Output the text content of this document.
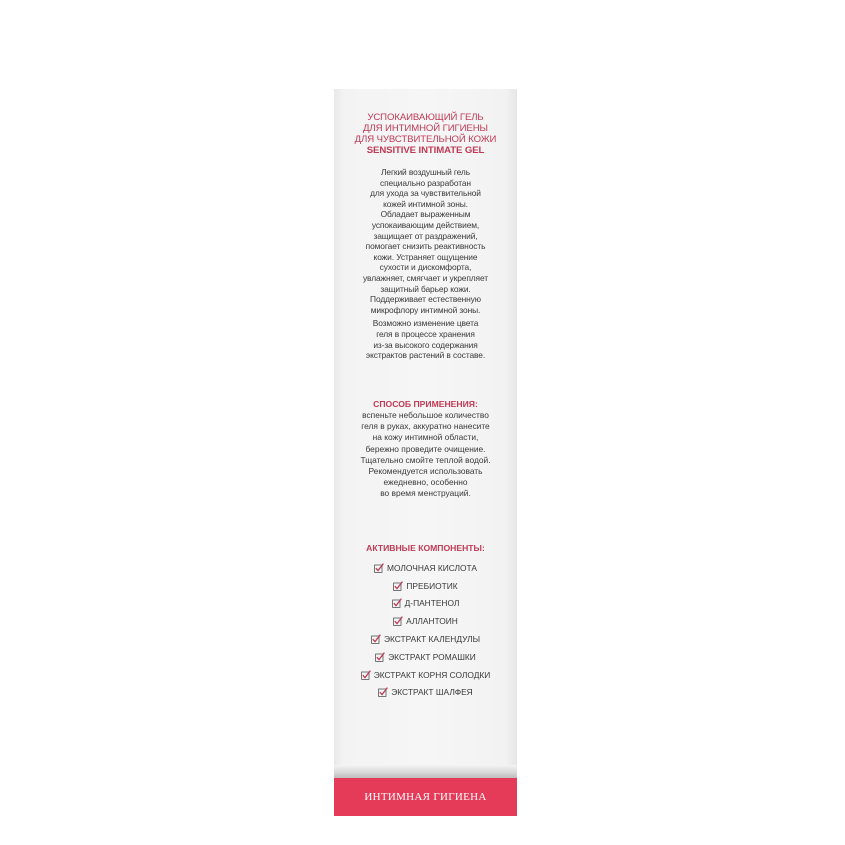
УСПОКАИВАЮЩИЙ ГЕЛЬ
ДЛЯ ИНТИМНОЙ ГИГИЕНЫ
ДЛЯ ЧУВСТВИТЕЛЬНОЙ КОЖИ
SENSITIVE INTIMATE GEL

Легкий воздушный гель
специально разработан
для ухода за чувствительной
кожей интимной зоны.
Обладает выраженным
успокаивающим действием,
защищает от раздражений,
помогает снизить реактивность
кожи. Устраняет ощущение
сухости и дискомфорта,
увлажняет, смягчает и укрепляет
защитный барьер кожи.
Поддерживает естественную
микрофлору интимной зоны.

Возможно изменение цвета
геля в процессе хранения
из-за высокого содержания
экстрактов растений в составе.

СПОСОБ ПРИМЕНЕНИЯ:
вспеньте небольшое количество
геля в руках, аккуратно нанесите
на кожу интимной области,
бережно проведите очищение.
Тщательно смойте теплой водой.
Рекомендуется использовать
ежедневно, особенно
во время менструаций.
АКТИВНЫЕ КОМПОНЕНТЫ:
МОЛОЧНАЯ КИСЛОТА
ПРЕБИОТИК
Д-ПАНТЕНОЛ
АЛЛАНТОИН
ЭКСТРАКТ КАЛЕНДУЛЫ
ЭКСТРАКТ РОМАШКИ
ЭКСТРАКТ КОРНЯ СОЛОДКИ
ЭКСТРАКТ ШАЛФЕЯ
ИНТИМНАЯ ГИГИЕНА
